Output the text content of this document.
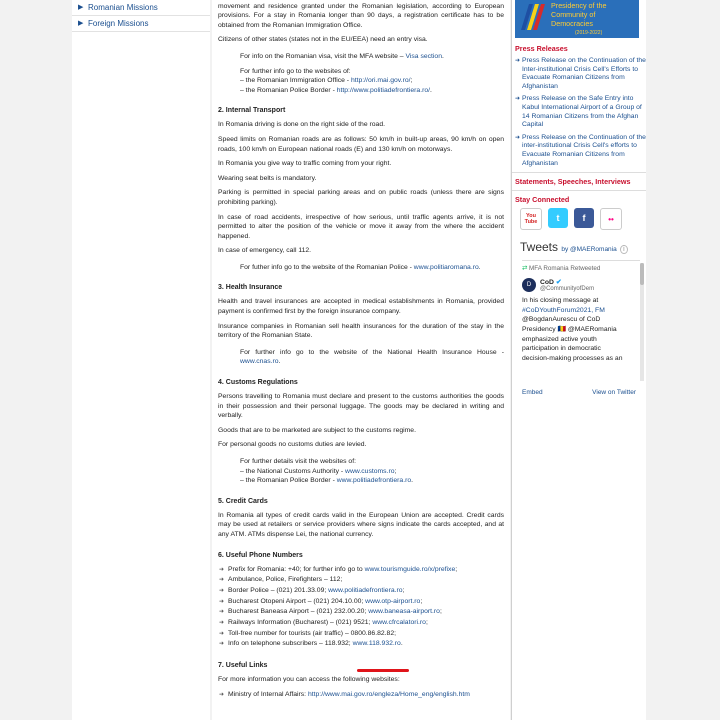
▶ Romanian Missions
▶ Foreign Missions

movement and residence granted under the Romanian legislation, according to European provisions. For a stay in Romania longer than 90 days, a registration certificate has to be obtained from the Romanian Immigration Office.

Citizens of other states (states not in the EU/EEA) need an entry visa.

For info on the Romanian visa, visit the MFA website – Visa section.
For further info go to the websites of:
– the Romanian Immigration Office - http://ori.mai.gov.ro/;
– the Romanian Police Border - http://www.politiadefrontiera.ro/.
2. Internal Transport

In Romania driving is done on the right side of the road.

Speed limits on Romanian roads are as follows: 50 km/h in built-up areas, 90 km/h on open roads, 100 km/h on European national roads (E) and 130 km/h on motorways.

In Romania you give way to traffic coming from your right.

Wearing seat belts is mandatory.

Parking is permitted in special parking areas and on public roads (unless there are signs prohibiting parking).

In case of road accidents, irrespective of how serious, until traffic agents arrive, it is not permitted to alter the position of the vehicle or move it away from the where the accident happened.

In case of emergency, call 112.

For futher info go to the website of the Romanian Police - www.politiaromana.ro.
3. Health Insurance

Health and travel insurances are accepted in medical establishments in Romania, provided payment is confirmed first by the foreign insurance company.

Insurance companies in Romanian sell health insurances for the duration of the stay in the territory of the Romanian State.

For further info go to the website of the National Health Insurance House - www.cnas.ro.
4. Customs Regulations

Persons travelling to Romania must declare and present to the customs authorities the goods in their possession and their personal luggage. The goods may be declared in writing and verbally.

Goods that are to be marketed are subject to the customs regime.

For personal goods no customs duties are levied.

For further details visit the websites of:
– the National Customs Authority - www.customs.ro;
– the Romanian Police Border - www.politiadefrontiera.ro.
5. Credit Cards

In Romania all types of credit cards valid in the European Union are accepted. Credit cards may be used at retailers or service providers where signs indicate the cards accepted, and at any ATM. ATMs dispense Lei, the national currency.

6. Useful Phone Numbers
➜ Prefix for Romania: +40; for further info go to www.tourismguide.ro/x/prefixe;
➜ Ambulance, Police, Firefighters – 112;
➜ Border Police – (021) 201.33.09; www.politiadefrontiera.ro;
➜ Bucharest Otopeni Airport – (021) 204.10.00; www.otp-airport.ro;
➜ Bucharest Baneasa Airport – (021) 232.00.20; www.baneasa-airport.ro;
➜ Railways Information (Bucharest) – (021) 9521; www.cfrcalatori.ro;
➜ Toll-free number for tourists (air traffic) – 0800.86.82.82;
➜ Info on telephone subscribers – 118.932; www.118.932.ro.
7. Useful Links

For more information you can access the following websites:

➜ Ministry of Internal Affairs: http://www.mai.gov.ro/engleza/Home_eng/english.htm
Presidency of the Community of Democracies
(2019-2022)
Press Releases
➜ Press Release on the Continuation of the Inter-institutional Crisis Cell's Efforts to Evacuate Romanian Citizens from Afghanistan
➜ Press Release on the Safe Entry into Kabul International Airport of a Group of 14 Romanian Citizens from the Afghan Capital
➜ Press Release on the Continuation of the inter-institutional Crisis Cell's efforts to Evacuate Romanian Citizens from Afghanistan
Statements, Speeches, Interviews
Stay Connected
You Tube	t	f	••
Tweets by @MAERomania i
⇄ MFA Romania Retweeted
D	CoD ✔
@CommunityofDem
In his closing message at
#CoDYouthForum2021, FM
@BogdanAurescu of CoD
Presidency 🇷🇴 @MAERomania
emphasized active youth
participation in democratic
decision-making processes as an
Embed	View on Twitter
